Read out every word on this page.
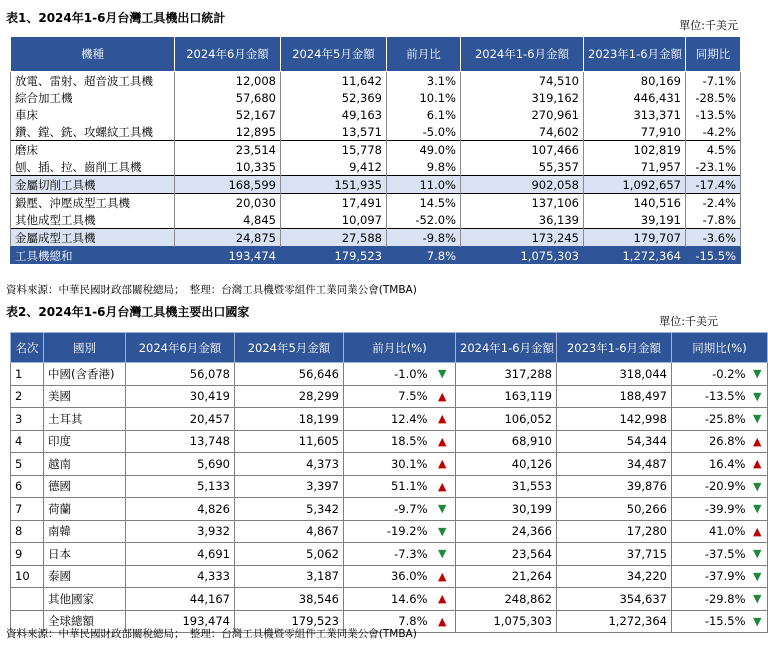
表1、2024年1-6月台灣工具機出口統計
單位:千美元
機種	2024年6月金額	2024年5月金額	前月比	2024年1-6月金額	2023年1-6月金額	同期比
放電、雷射、超音波工具機	12,008	11,642	3.1%	74,510	80,169	-7.1%
綜合加工機	57,680	52,369	10.1%	319,162	446,431	-28.5%
車床	52,167	49,163	6.1%	270,961	313,371	-13.5%
鑽、鏜、銑、攻螺紋工具機	12,895	13,571	-5.0%	74,602	77,910	-4.2%
磨床	23,514	15,778	49.0%	107,466	102,819	4.5%
刨、插、拉、齒削工具機	10,335	9,412	9.8%	55,357	71,957	-23.1%
金屬切削工具機	168,599	151,935	11.0%	902,058	1,092,657	-17.4%
鍛壓、沖壓成型工具機	20,030	17,491	14.5%	137,106	140,516	-2.4%
其他成型工具機	4,845	10,097	-52.0%	36,139	39,191	-7.8%
金屬成型工具機	24,875	27,588	-9.8%	173,245	179,707	-3.6%
工具機總和	193,474	179,523	7.8%	1,075,303	1,272,364	-15.5%
資料來源：中華民國財政部關稅總局；　整理：台灣工具機暨零組件工業同業公會(TMBA)
表2、2024年1-6月台灣工具機主要出口國家
單位:千美元
名次	國別	2024年6月金額	2024年5月金額	前月比(%)		2024年1-6月金額	2023年1-6月金額	同期比(%)	
1	中國(含香港)	56,078	56,646	-1.0%	▼	317,288	318,044	-0.2%	▼
2	美國	30,419	28,299	7.5%	▲	163,119	188,497	-13.5%	▼
3	土耳其	20,457	18,199	12.4%	▲	106,052	142,998	-25.8%	▼
4	印度	13,748	11,605	18.5%	▲	68,910	54,344	26.8%	▲
5	越南	5,690	4,373	30.1%	▲	40,126	34,487	16.4%	▲
6	德國	5,133	3,397	51.1%	▲	31,553	39,876	-20.9%	▼
7	荷蘭	4,826	5,342	-9.7%	▼	30,199	50,266	-39.9%	▼
8	南韓	3,932	4,867	-19.2%	▼	24,366	17,280	41.0%	▲
9	日本	4,691	5,062	-7.3%	▼	23,564	37,715	-37.5%	▼
10	泰國	4,333	3,187	36.0%	▲	21,264	34,220	-37.9%	▼
	其他國家	44,167	38,546	14.6%	▲	248,862	354,637	-29.8%	▼
	全球總額	193,474	179,523	7.8%	▲	1,075,303	1,272,364	-15.5%	▼
資料來源：中華民國財政部關稅總局；　整理：台灣工具機暨零組件工業同業公會(TMBA)
